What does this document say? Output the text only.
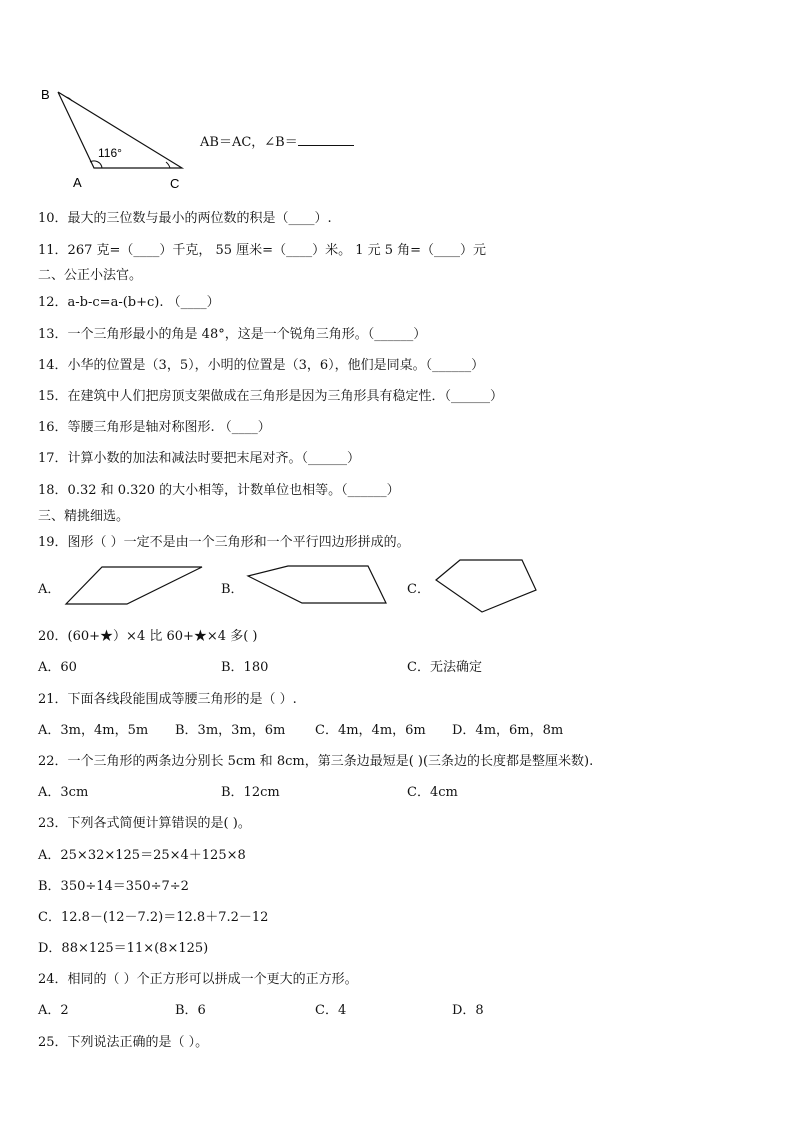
B
A	C
116°
AB＝AC，∠B＝
10．最大的三位数与最小的两位数的积是（____）.
11．267 克=（____）千克， 55 厘米=（____）米。 1 元 5 角=（____）元
二、公正小法官。
12．a-b-c=a-(b+c). （____）
13．一个三角形最小的角是 48°，这是一个锐角三角形。（______）
14．小华的位置是（3，5），小明的位置是（3，6），他们是同桌。（______）
15．在建筑中人们把房顶支架做成在三角形是因为三角形具有稳定性．（______）
16．等腰三角形是轴对称图形. （____）
17．计算小数的加法和减法时要把末尾对齐。（______）
18．0.32 和 0.320 的大小相等，计数单位也相等。（______）
三、精挑细选。
19．图形（ ）一定不是由一个三角形和一个平行四边形拼成的。
A．	B．	C．
20．(60+★）×4 比 60+★×4 多( )
A．60	B．180	C．无法确定
21．下面各线段能围成等腰三角形的是（ ）.
A．3m，4m，5m B．3m，3m，6m C．4m，4m，6m D．4m，6m，8m
22．一个三角形的两条边分别长 5cm 和 8cm，第三条边最短是( )(三条边的长度都是整厘米数).
A．3cm	B．12cm	C．4cm
23．下列各式简便计算错误的是( )。
A．25×32×125＝25×4＋125×8
B．350÷14＝350÷7÷2
C．12.8－(12－7.2)＝12.8＋7.2－12
D．88×125＝11×(8×125)
24．相同的（ ）个正方形可以拼成一个更大的正方形。
A．2	B．6	C．4	D．8
25．下列说法正确的是（ ）。
